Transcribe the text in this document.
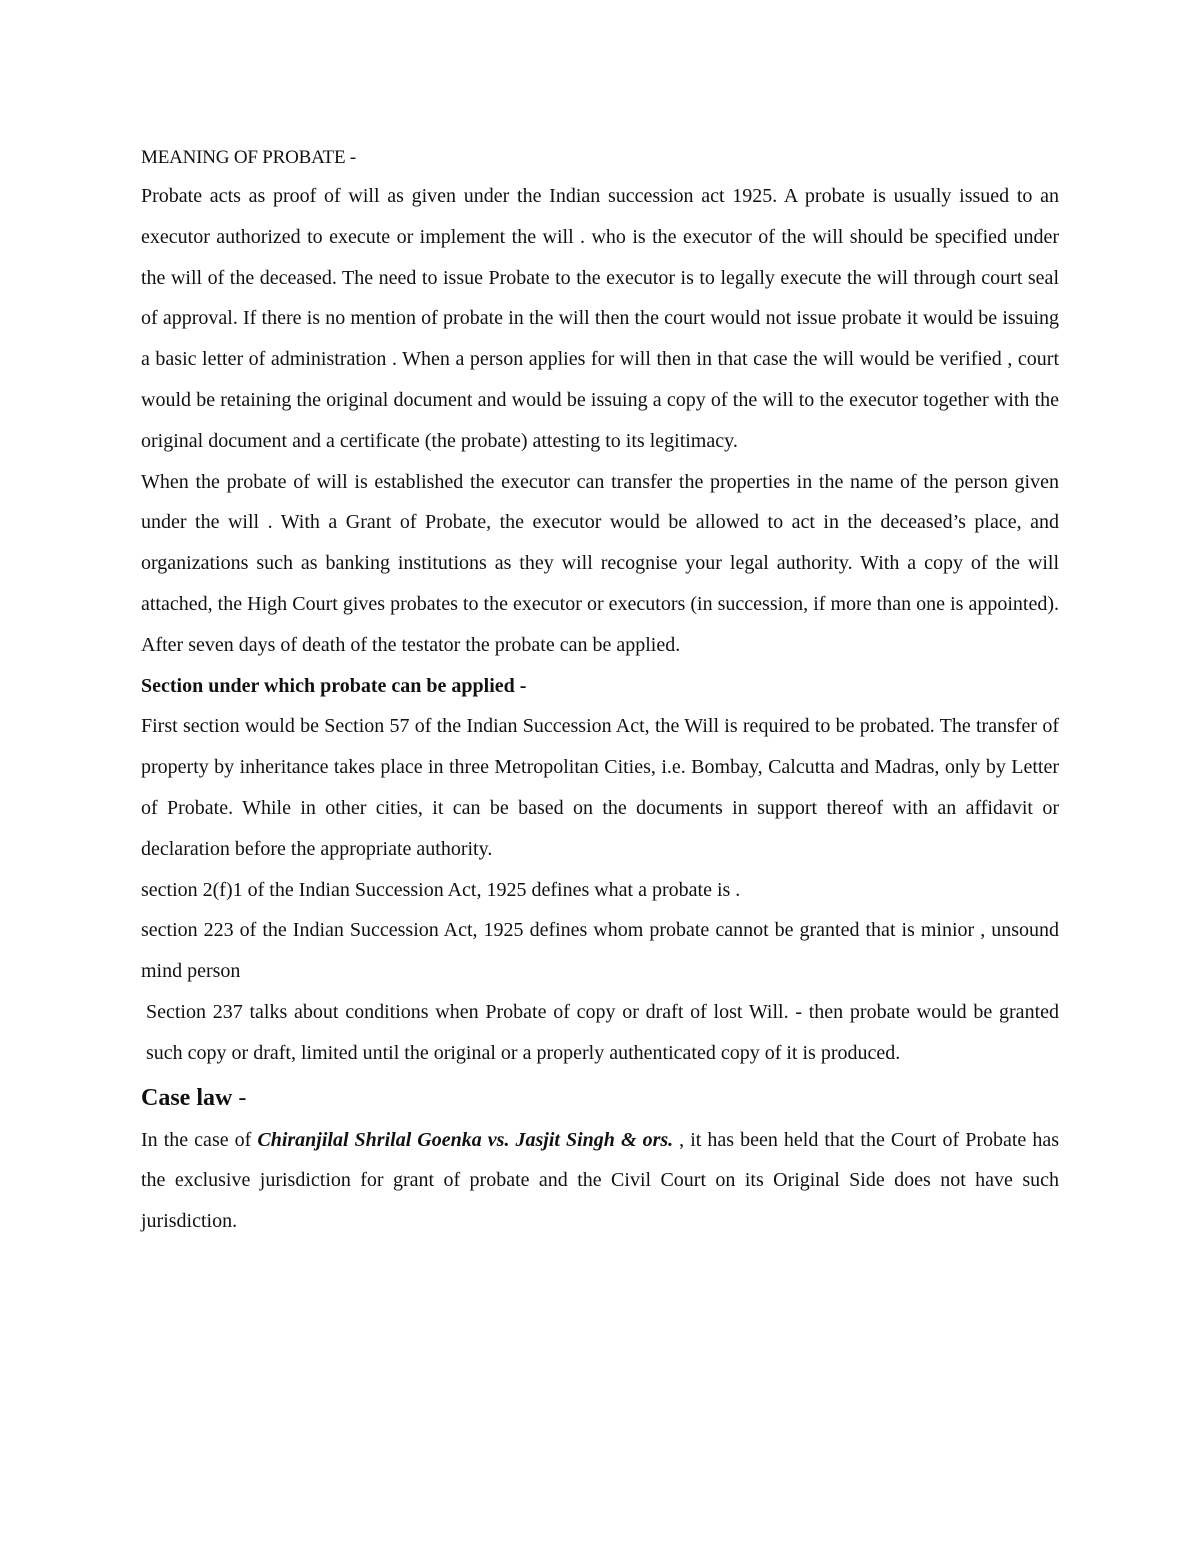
MEANING OF PROBATE -

Probate acts as proof of will as given under the Indian succession act 1925. A probate is usually issued to an executor authorized to execute or implement the will . who is the executor of the will should be specified under the will of the deceased. The need to issue Probate to the executor is to legally execute the will through court seal of approval. If there is no mention of probate in the will then the court would not issue probate it would be issuing a basic letter of administration . When a person applies for will then in that case the will would be verified , court would be retaining the original document and would be issuing a copy of the will to the executor together with the original document and a certificate (the probate) attesting to its legitimacy.

When the probate of will is established the executor can transfer the properties in the name of the person given under the will . With a Grant of Probate, the executor would be allowed to act in the deceased’s place, and organizations such as banking institutions as they will recognise your legal authority. With a copy of the will attached, the High Court gives probates to the executor or executors (in succession, if more than one is appointed). After seven days of death of the testator the probate can be applied.

Section under which probate can be applied -

First section would be Section 57 of the Indian Succession Act, the Will is required to be probated. The transfer of property by inheritance takes place in three Metropolitan Cities, i.e. Bombay, Calcutta and Madras, only by Letter of Probate. While in other cities, it can be based on the documents in support thereof with an affidavit or declaration before the appropriate authority.

section 2(f)1 of the Indian Succession Act, 1925 defines what a probate is .

section 223 of the Indian Succession Act, 1925 defines whom probate cannot be granted that is minior , unsound mind person

Section 237 talks about conditions when Probate of copy or draft of lost Will. - then probate would be granted such copy or draft, limited until the original or a properly authenticated copy of it is produced.

Case law -

In the case of Chiranjilal Shrilal Goenka vs. Jasjit Singh & ors. , it has been held that the Court of Probate has the exclusive jurisdiction for grant of probate and the Civil Court on its Original Side does not have such jurisdiction.
